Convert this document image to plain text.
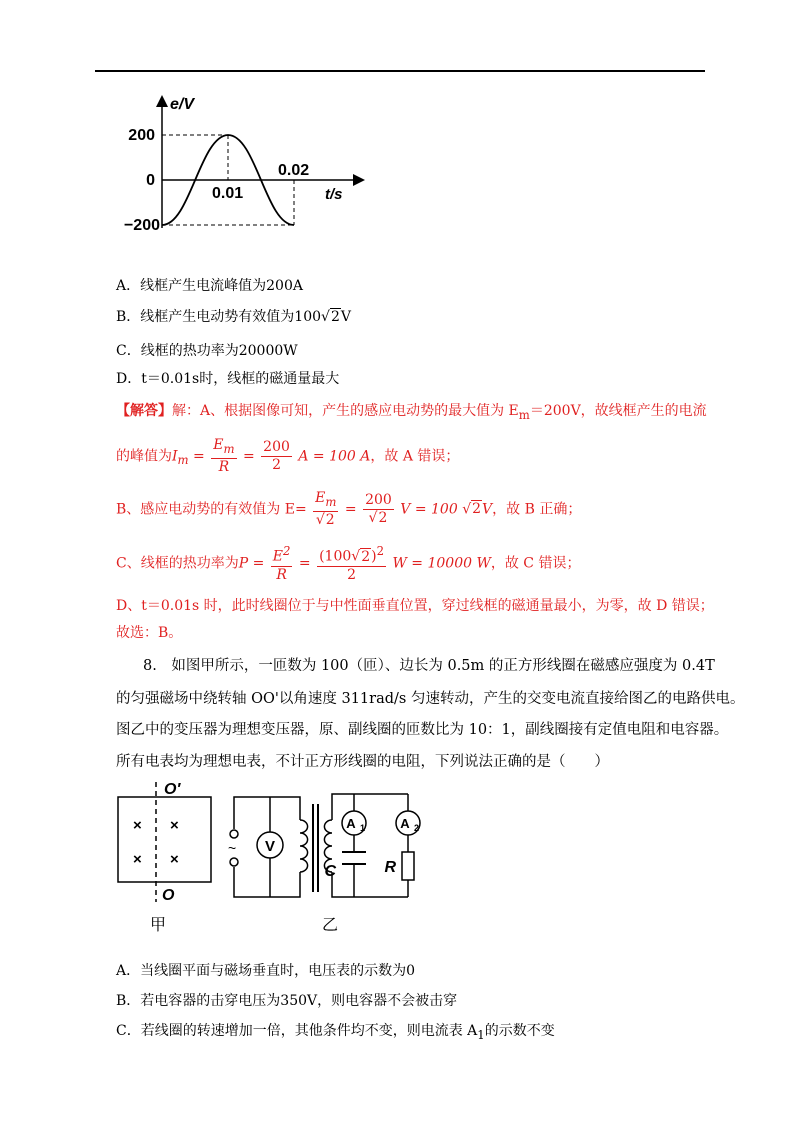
e/V
t/s
200
0
−200
0.01
0.02
A．线框产生电流峰值为200A
B．线框产生电动势有效值为100√2V
C．线框的热功率为20000W
D．t＝0.01s时，线框的磁通量最大
【解答】解：A、根据图像可知，产生的感应电动势的最大值为 $E_m=200V$，故线框产生的电流
的峰值为$I_m = \frac{E_m}{R} = \frac{200}{2}$ A = 100 A，故 A 错误；
B、感应电动势的有效值为 $E= \frac{E_m}{√2} = \frac{200}{√2}$ V = 100 √2V，故 B 正确；
C、线框的热功率为$P = \frac{E^2}{R} = \frac{(100√2)^2}{2}$ W = 10000 W，故 C 错误；
D、t＝0.01s 时，此时线圈位于与中性面垂直位置，穿过线框的磁通量最小，为零，故 D 错误；
故选：B。
8.　如图甲所示，一匝数为 100（匝）、边长为 0.5m 的正方形线圈在磁感应强度为 0.4T
的匀强磁场中绕转轴 OO'以角速度 311rad/s 匀速转动，产生的交变电流直接给图乙的电路供电。
图乙中的变压器为理想变压器，原、副线圈的匝数比为 10：1，副线圈接有定值电阻和电容器。
所有电表均为理想电表，不计正方形线圈的电阻，下列说法正确的是（　　）
O′
O
× ×
× ×
甲
~ V
A 1	A 2
C	R
乙
A．当线圈平面与磁场垂直时，电压表的示数为0
B．若电容器的击穿电压为350V，则电容器不会被击穿
C．若线圈的转速增加一倍，其他条件均不变，则电流表 $A_1$的示数不变
